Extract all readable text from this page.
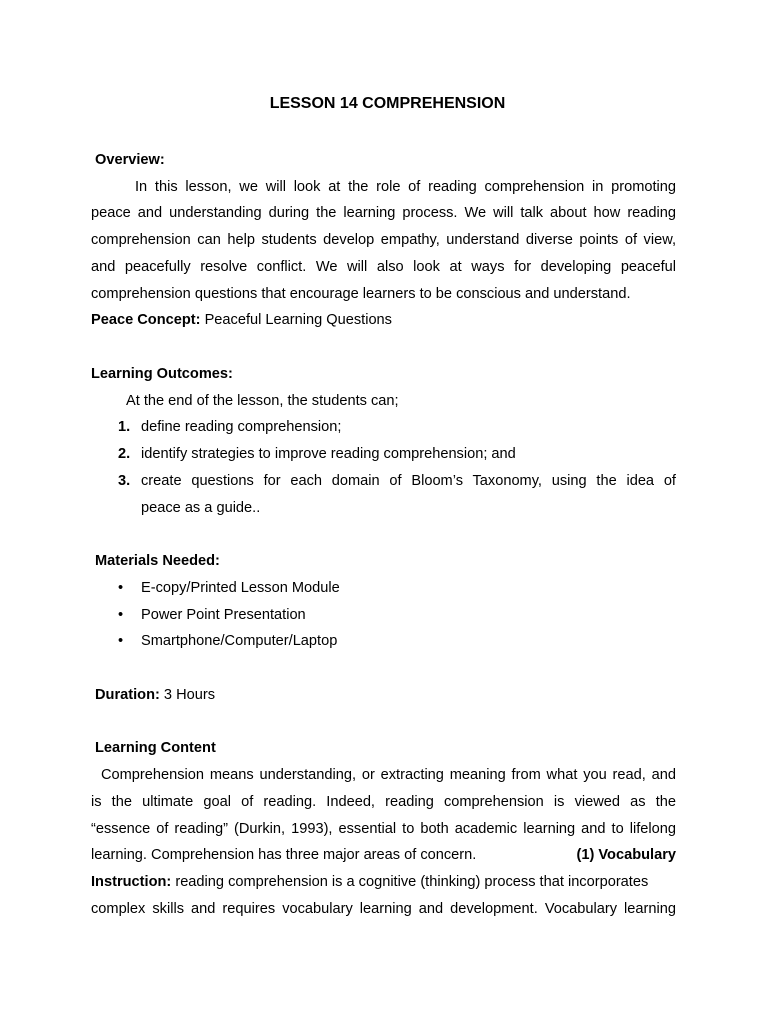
LESSON 14 COMPREHENSION
Overview:
In this lesson, we will look at the role of reading comprehension in promoting
peace and understanding during the learning process. We will talk about how reading
comprehension can help students develop empathy, understand diverse points of view,
and peacefully resolve conflict. We will also look at ways for developing peaceful
comprehension questions that encourage learners to be conscious and understand.
Peace Concept: Peaceful Learning Questions
Learning Outcomes:
At the end of the lesson, the students can;
1. define reading comprehension;
2. identify strategies to improve reading comprehension; and
3. create questions for each domain of Bloom’s Taxonomy, using the idea of
peace as a guide..
Materials Needed:
• E-copy/Printed Lesson Module
• Power Point Presentation
• Smartphone/Computer/Laptop
Duration: 3 Hours
Learning Content
Comprehension means understanding, or extracting meaning from what you read, and
is the ultimate goal of reading. Indeed, reading comprehension is viewed as the
“essence of reading” (Durkin, 1993), essential to both academic learning and to lifelong
learning. Comprehension has three major areas of concern.	(1) Vocabulary
Instruction: reading comprehension is a cognitive (thinking) process that incorporates
complex skills and requires vocabulary learning and development. Vocabulary learning
